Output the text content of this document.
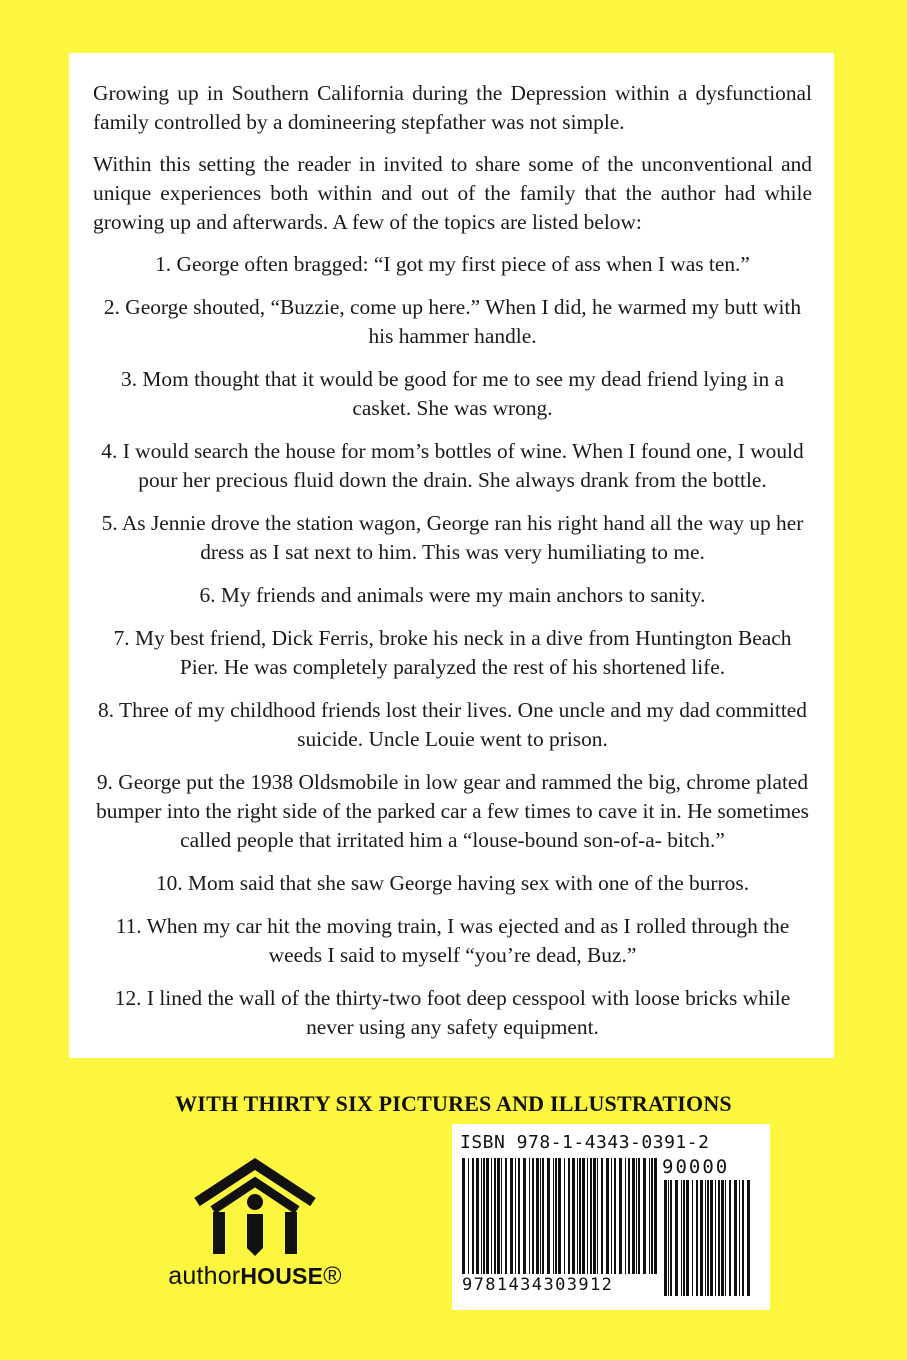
Growing up in Southern California during the Depression within a dysfunctional family controlled by a domineering stepfather was not simple.

Within this setting the reader in invited to share some of the unconventional and unique experiences both within and out of the family that the author had while growing up and afterwards. A few of the topics are listed below:

1. George often bragged: “I got my first piece of ass when I was ten.”
2. George shouted, “Buzzie, come up here.” When I did, he warmed my butt with his hammer handle.
3. Mom thought that it would be good for me to see my dead friend lying in a casket. She was wrong.
4. I would search the house for mom’s bottles of wine. When I found one, I would pour her precious fluid down the drain. She always drank from the bottle.
5. As Jennie drove the station wagon, George ran his right hand all the way up her dress as I sat next to him. This was very humiliating to me.
6. My friends and animals were my main anchors to sanity.
7. My best friend, Dick Ferris, broke his neck in a dive from Huntington Beach Pier. He was completely paralyzed the rest of his shortened life.
8. Three of my childhood friends lost their lives. One uncle and my dad committed suicide. Uncle Louie went to prison.
9. George put the 1938 Oldsmobile in low gear and rammed the big, chrome plated bumper into the right side of the parked car a few times to cave it in. He sometimes called people that irritated him a “louse-bound son-of-a- bitch.”
10. Mom said that she saw George having sex with one of the burros.
11. When my car hit the moving train, I was ejected and as I rolled through the weeds I said to myself “you’re dead, Buz.”
12. I lined the wall of the thirty-two foot deep cesspool with loose bricks while never using any safety equipment.
WITH THIRTY SIX PICTURES AND ILLUSTRATIONS
authorHOUSE®
ISBN 978-1-4343-0391-2
90000
9781434303912
